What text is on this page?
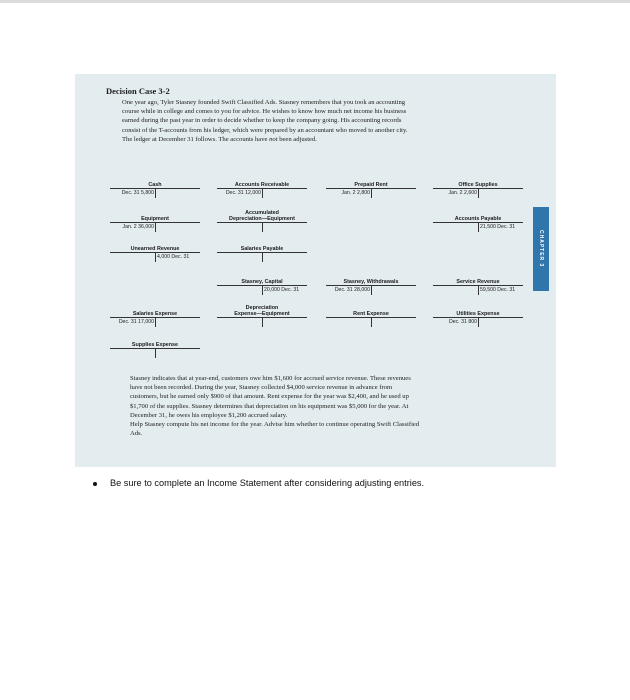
Decision Case 3-2

One year ago, Tyler Stasney founded Swift Classified Ads. Stasney remembers that you took an accounting course while in college and comes to you for advice. He wishes to know how much net income his business earned during the past year in order to decide whether to keep the company going. His accounting records consist of the T-accounts from his ledger, which were prepared by an accountant who moved to another city. The ledger at December 31 follows. The accounts have not been adjusted.

Cash
Dec. 31 5,800
Accounts Receivable
Dec. 31 12,000
Prepaid Rent
Jan. 2 2,800
Office Supplies
Jan. 2 2,600
Equipment
Jan. 2 36,000
Accumulated
Depreciation—Equipment	Accounts Payable
21,500 Dec. 31
Unearned Revenue
4,000 Dec. 31
Salaries Payable
Stasney, Capital
20,000 Dec. 31
Stasney, Withdrawals
Dec. 31 28,000
Service Revenue
59,500 Dec. 31
Salaries Expense
Dec. 31 17,000
Depreciation
Expense—Equipment	Rent Expense	Utilities Expense
Dec. 31 800
Supplies Expense
CHAPTER 3
Stasney indicates that at year-end, customers owe him $1,600 for accrued service revenue. These revenues have not been recorded. During the year, Stasney collected $4,000 service revenue in advance from customers, but he earned only $900 of that amount. Rent expense for the year was $2,400, and he used up $1,700 of the supplies. Stasney determines that depreciation on his equipment was $5,000 for the year. At December 31, he owes his employee $1,200 accrued salary.
Help Stasney compute his net income for the year. Advise him whether to continue operating Swift Classified Ads.
Be sure to complete an Income Statement after considering adjusting entries.
